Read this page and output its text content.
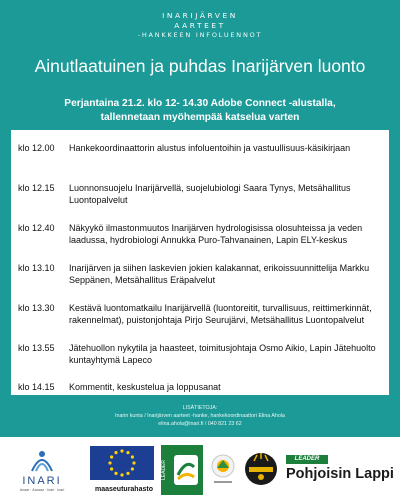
INARIJÄRVEN
AARTEET
-HANKKEEN INFOLUENNOT
Ainutlaatuinen ja puhdas Inarijärven luonto
Perjantaina 21.2. klo 12- 14.30 Adobe Connect -alustalla,
tallennetaan myöhempää katselua varten
klo 12.00	Hankekoordinaattorin alustus infoluentoihin ja vastuullisuus-käsikirjaan
klo 12.15	Luonnonsuojelu Inarijärvellä, suojelubiologi Saara Tynys, Metsähallitus Luontopalvelut
klo 12.40	Näkyykö ilmastonmuutos Inarijärven hydrologisissa olosuhteissa ja veden laadussa, hydrobiologi Annukka Puro-Tahvanainen, Lapin ELY-keskus
klo 13.10	Inarijärven ja siihen laskevien jokien kalakannat, erikoissuunnittelija Markku Seppänen, Metsähallitus Eräpalvelut
klo 13.30	Kestävä luontomatkailu Inarijärvellä (luontoreitit, turvallisuus, reittimerkinnät, rakennelmat), puistonjohtaja Pirjo Seurujärvi, Metsähallitus Luontopalvelut
klo 13.55	Jätehuollon nykytila ja haasteet, toimitusjohtaja Osmo Aikio, Lapin Jätehuolto kuntayhtymä Lapeco
klo 14.15	Kommentit, keskustelua ja loppusanat
LISÄTIETOJA:
Inarin kunta / Inarijärven aarteet -hanke, hankekoordinaattori Elina Ahola
elina.ahola@inari.fi / 040 821 23 62
INARI
Anaar · Aanaar · Inari · Inari	maaseuturahasto
LEADER
LEADER
Pohjoisin Lappi
